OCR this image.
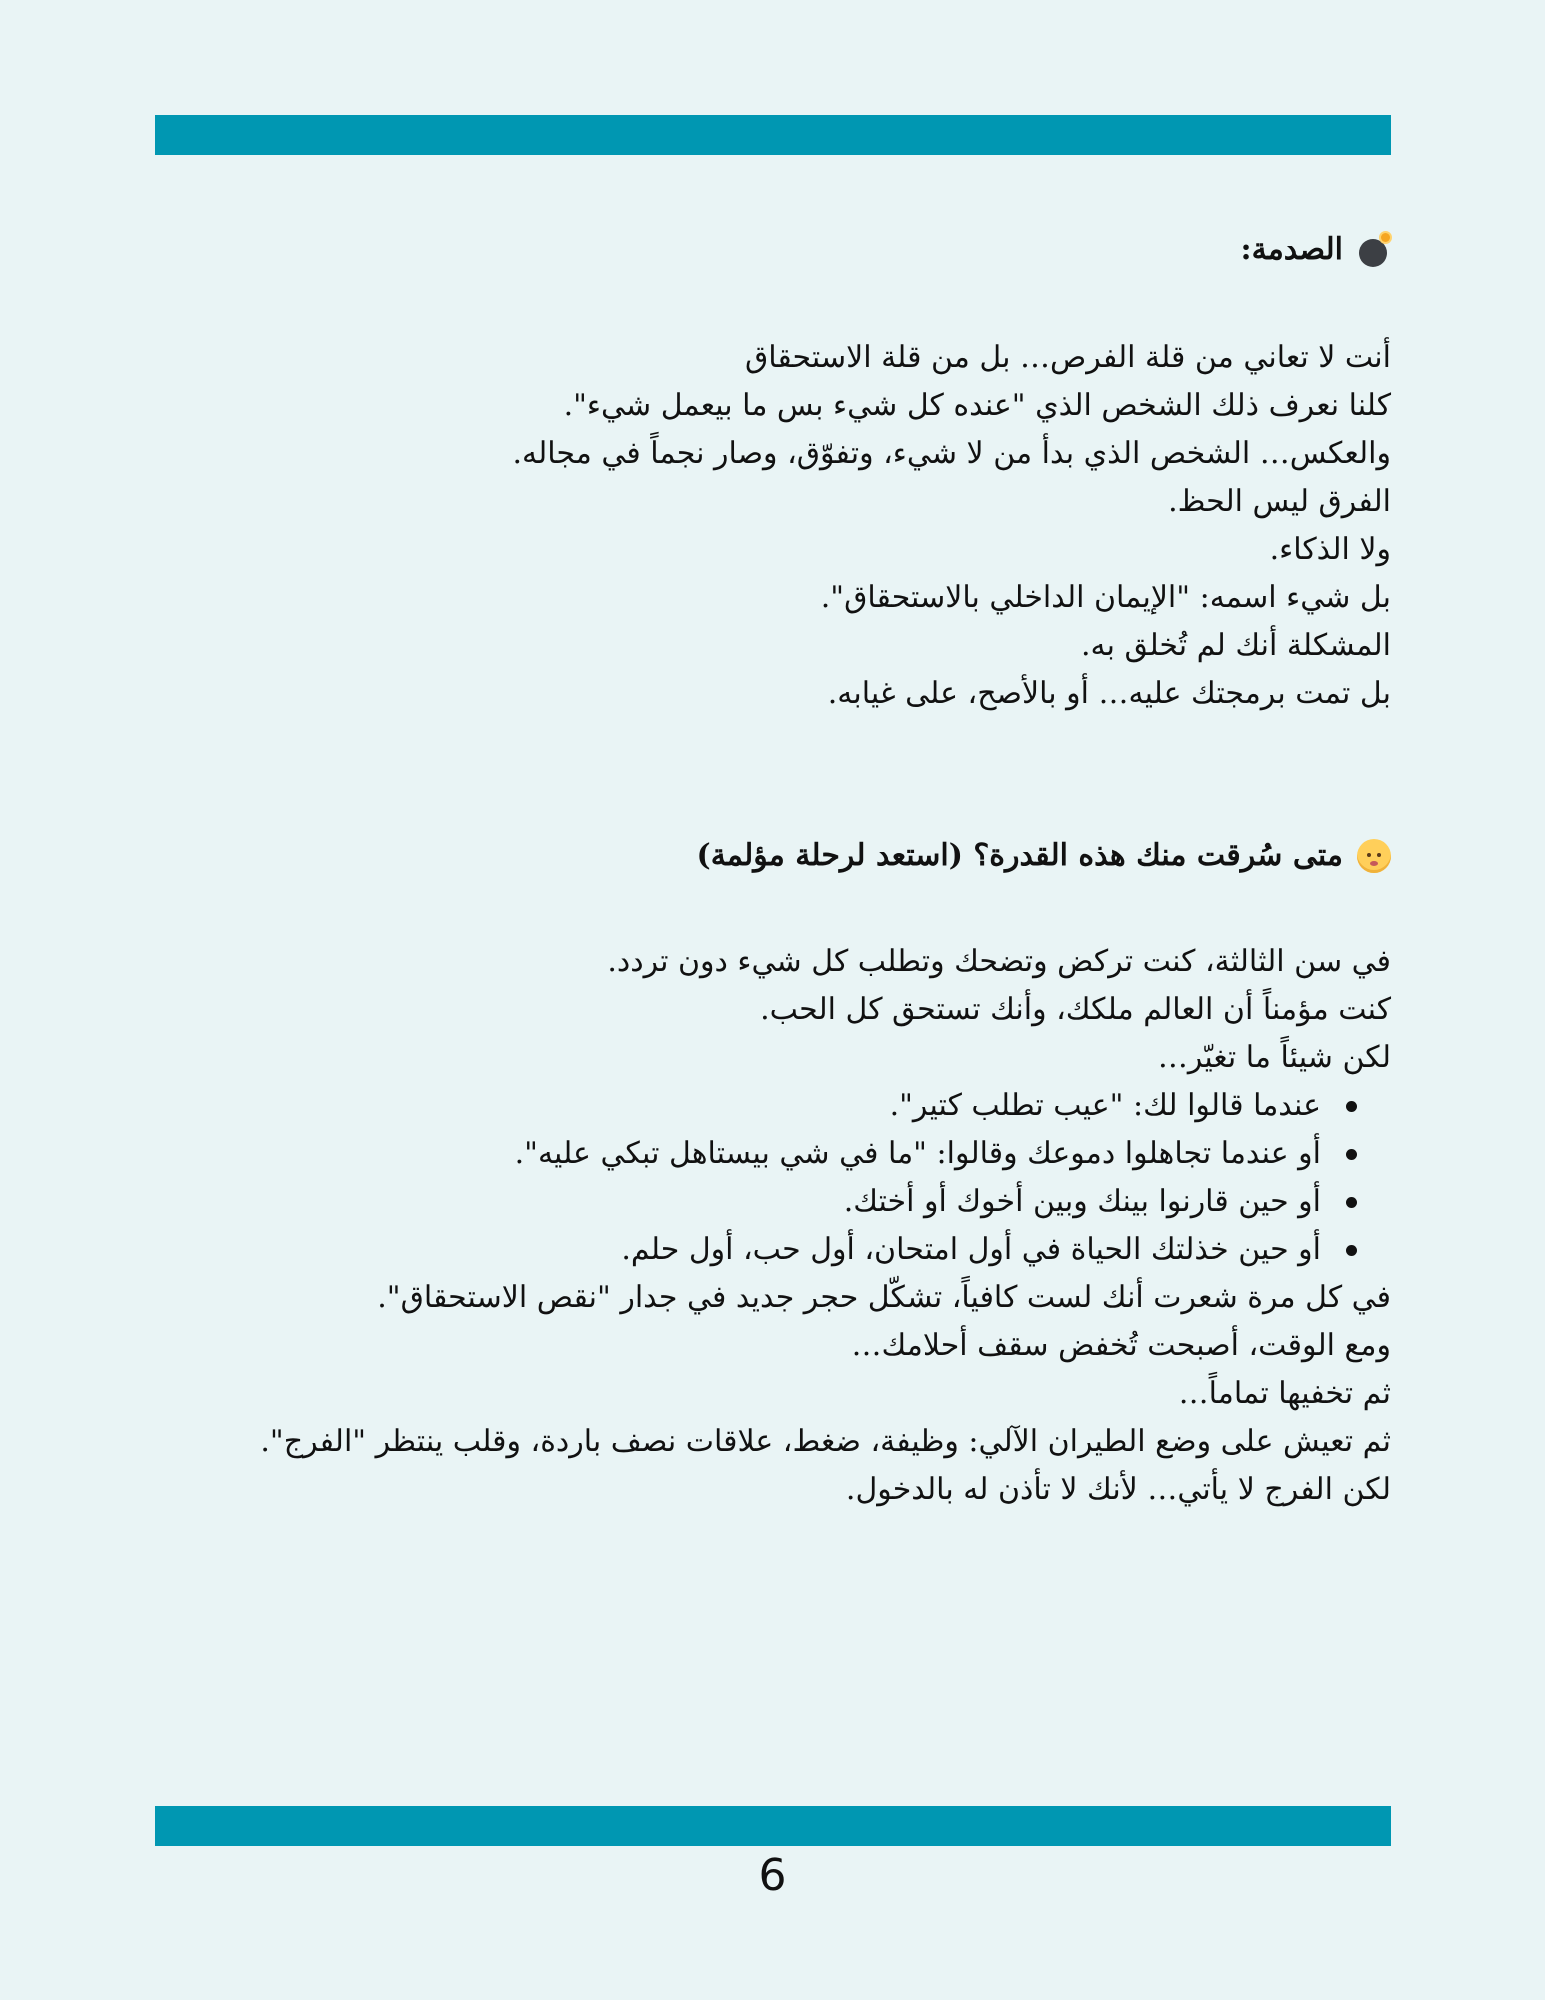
الصدمة:

أنت لا تعاني من قلة الفرص… بل من قلة الاستحقاق

كلنا نعرف ذلك الشخص الذي "عنده كل شيء بس ما بيعمل شيء".

والعكس… الشخص الذي بدأ من لا شيء، وتفوّق، وصار نجماً في مجاله.

الفرق ليس الحظ.

ولا الذكاء.

بل شيء اسمه: "الإيمان الداخلي بالاستحقاق".

المشكلة أنك لم تُخلق به.

بل تمت برمجتك عليه… أو بالأصح، على غيابه.

متى سُرقت منك هذه القدرة؟ (استعد لرحلة مؤلمة)

في سن الثالثة، كنت تركض وتضحك وتطلب كل شيء دون تردد.

كنت مؤمناً أن العالم ملكك، وأنك تستحق كل الحب.

لكن شيئاً ما تغيّر…

عندما قالوا لك: "عيب تطلب كتير".
أو عندما تجاهلوا دموعك وقالوا: "ما في شي بيستاهل تبكي عليه".
أو حين قارنوا بينك وبين أخوك أو أختك.
أو حين خذلتك الحياة في أول امتحان، أول حب، أول حلم.

في كل مرة شعرت أنك لست كافياً، تشكّل حجر جديد في جدار "نقص الاستحقاق".

ومع الوقت، أصبحت تُخفض سقف أحلامك…

ثم تخفيها تماماً…

ثم تعيش على وضع الطيران الآلي: وظيفة، ضغط، علاقات نصف باردة، وقلب ينتظر "الفرج".

لكن الفرج لا يأتي… لأنك لا تأذن له بالدخول.

6
